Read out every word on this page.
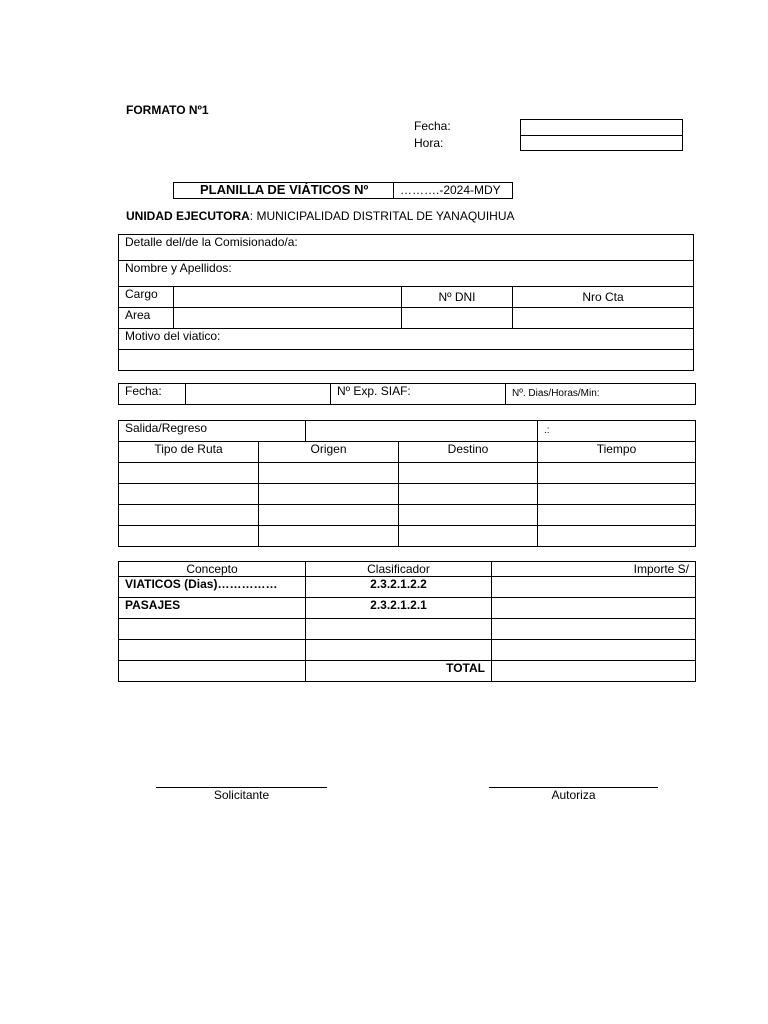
FORMATO Nº1
Fecha:
Hora:
PLANILLA DE VIÁTICOS Nº	……….-2024-MDY
UNIDAD EJECUTORA: MUNICIPALIDAD DISTRITAL DE YANAQUIHUA
Detalle del/de la Comisionado/a:			
Nombre y Apellidos:			
Cargo		Nº DNI	Nro Cta
Area			
Motivo del viatico:			

Fecha:		Nº Exp. SIAF:	Nº. Dias/Horas/Min:
Salida/Regreso				.:
Tipo de Ruta	Origen		Destino	Tiempo

Concepto	Clasificador	Importe S/
VIATICOS (Dias)……………	2.3.2.1.2.2	
PASAJES	2.3.2.1.2.1	

	TOTAL	
Solicitante	Autoriza
